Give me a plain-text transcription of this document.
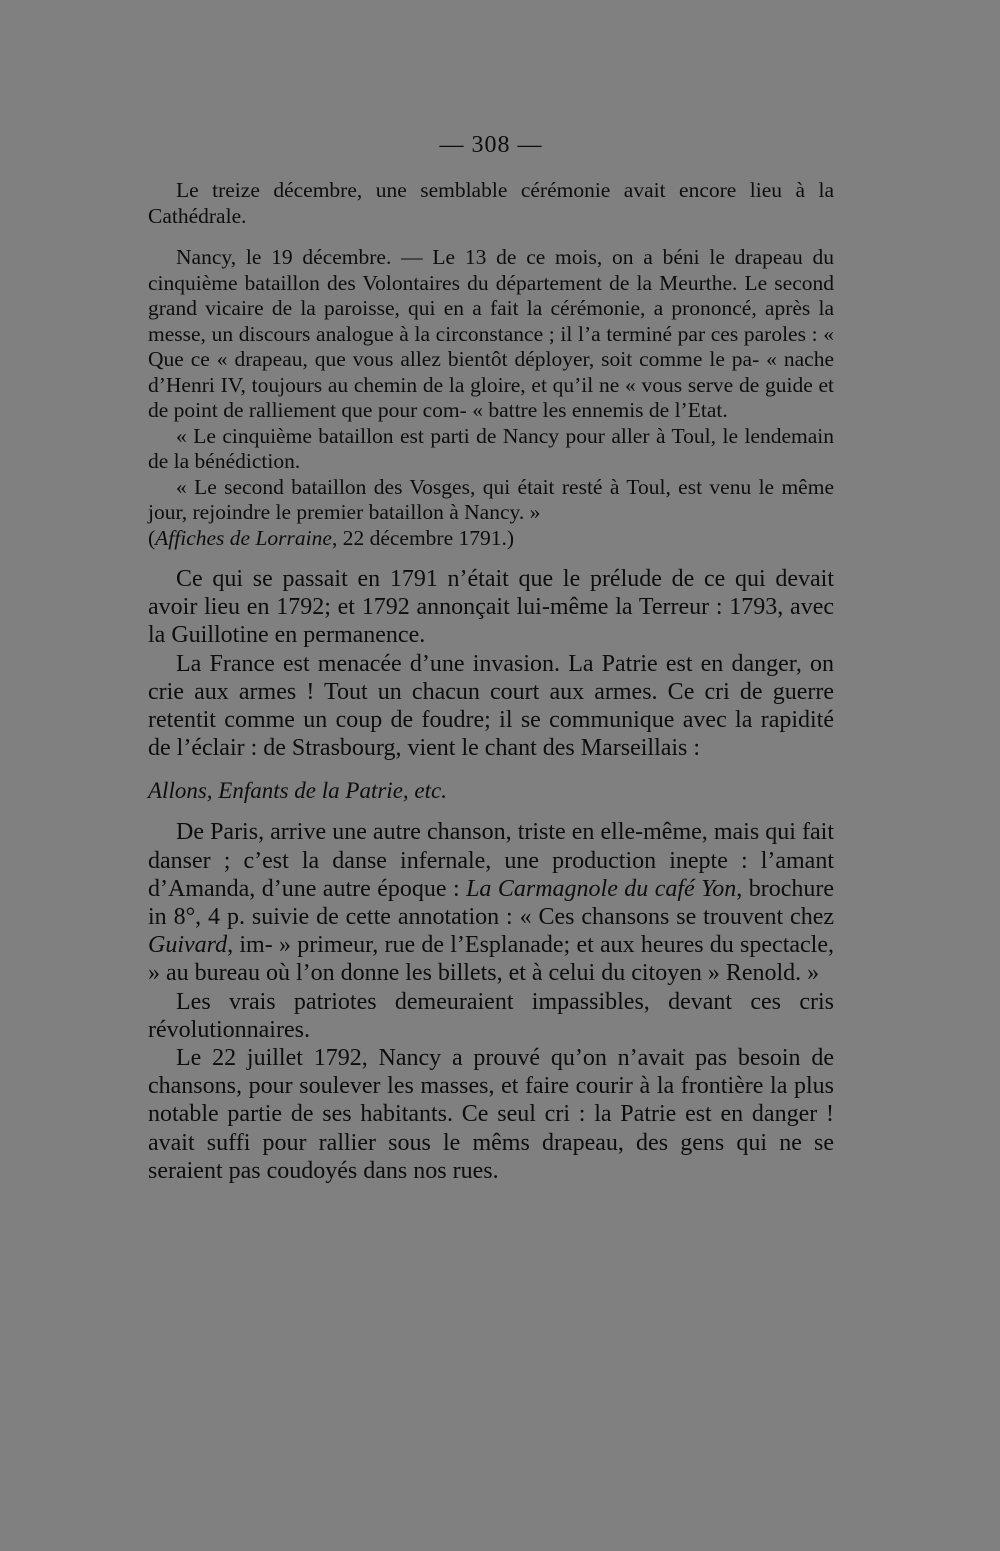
— 308 —

Le treize décembre, une semblable cérémonie avait encore lieu à la Cathédrale.

Nancy, le 19 décembre. — Le 13 de ce mois, on a béni le drapeau du cinquième bataillon des Volontaires du département de la Meurthe. Le second grand vicaire de la paroisse, qui en a fait la cérémonie, a prononcé, après la messe, un discours analogue à la circonstance ; il l’a terminé par ces paroles : « Que ce « drapeau, que vous allez bientôt déployer, soit comme le pa- « nache d’Henri IV, toujours au chemin de la gloire, et qu’il ne « vous serve de guide et de point de ralliement que pour com- « battre les ennemis de l’Etat.

« Le cinquième bataillon est parti de Nancy pour aller à Toul, le lendemain de la bénédiction.

« Le second bataillon des Vosges, qui était resté à Toul, est venu le même jour, rejoindre le premier bataillon à Nancy. »
(Affiches de Lorraine, 22 décembre 1791.)

Ce qui se passait en 1791 n’était que le prélude de ce qui devait avoir lieu en 1792; et 1792 annonçait lui-même la Terreur : 1793, avec la Guillotine en permanence.

La France est menacée d’une invasion. La Patrie est en danger, on crie aux armes ! Tout un chacun court aux armes. Ce cri de guerre retentit comme un coup de foudre; il se communique avec la rapidité de l’éclair : de Strasbourg, vient le chant des Marseillais :

Allons, Enfants de la Patrie, etc.

De Paris, arrive une autre chanson, triste en elle-même, mais qui fait danser ; c’est la danse infernale, une production inepte : l’amant d’Amanda, d’une autre époque : La Carmagnole du café Yon, brochure in 8°, 4 p. suivie de cette annotation : « Ces chansons se trouvent chez Guivard, im- » primeur, rue de l’Esplanade; et aux heures du spectacle, » au bureau où l’on donne les billets, et à celui du citoyen » Renold. »

Les vrais patriotes demeuraient impassibles, devant ces cris révolutionnaires.

Le 22 juillet 1792, Nancy a prouvé qu’on n’avait pas besoin de chansons, pour soulever les masses, et faire courir à la frontière la plus notable partie de ses habitants. Ce seul cri : la Patrie est en danger ! avait suffi pour rallier sous le mêms drapeau, des gens qui ne se seraient pas coudoyés dans nos rues.
